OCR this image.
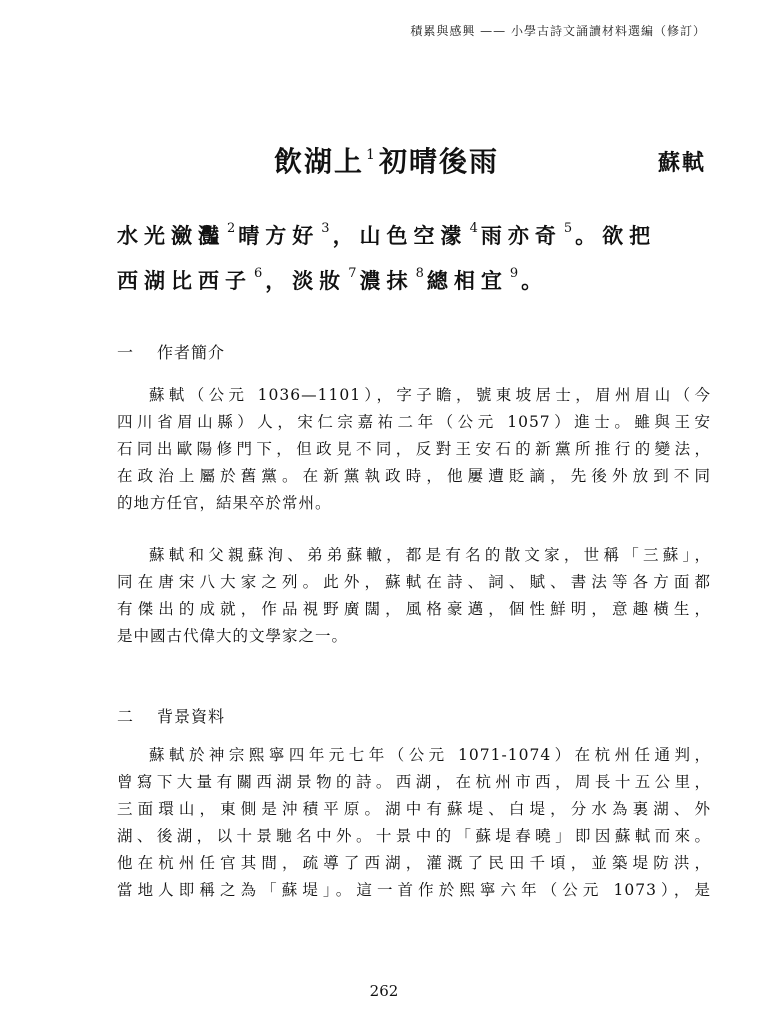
積累與感興 —— 小學古詩文誦讀材料選編（修訂）
飲湖上 $^1$初晴後雨	蘇軾
水光瀲灩 $^2$ 晴方好 $^3$ ，山色空濛 $^4$ 雨亦奇 $^5$ 。欲把
西湖比西子 $^6$ ，淡妝 $^7$ 濃抹 $^8$ 總相宜 $^9$ 。
一 作者簡介
蘇軾（公元 1036—1101），字子瞻，號東坡居士，眉州眉山（今
四川省眉山縣）人，宋仁宗嘉祐二年（公元 1057）進士。雖與王安
石同出歐陽修門下，但政見不同，反對王安石的新黨所推行的變法，
在政治上屬於舊黨。在新黨執政時，他屢遭貶謫，先後外放到不同
的地方任官，結果卒於常州。
蘇軾和父親蘇洵、弟弟蘇轍，都是有名的散文家，世稱「三蘇」，
同在唐宋八大家之列。此外，蘇軾在詩、詞、賦、書法等各方面都
有傑出的成就，作品視野廣闊，風格豪邁，個性鮮明，意趣橫生，
是中國古代偉大的文學家之一。
二 背景資料
蘇軾於神宗熙寧四年元七年（公元 1071-1074）在杭州任通判，
曾寫下大量有關西湖景物的詩。西湖，在杭州市西，周長十五公里，
三面環山，東側是沖積平原。湖中有蘇堤、白堤，分水為裏湖、外
湖、後湖，以十景馳名中外。十景中的「蘇堤春曉」即因蘇軾而來。
他在杭州任官其間，疏導了西湖，灌溉了民田千頃，並築堤防洪，
當地人即稱之為「蘇堤」。這一首作於熙寧六年（公元 1073），是
262
